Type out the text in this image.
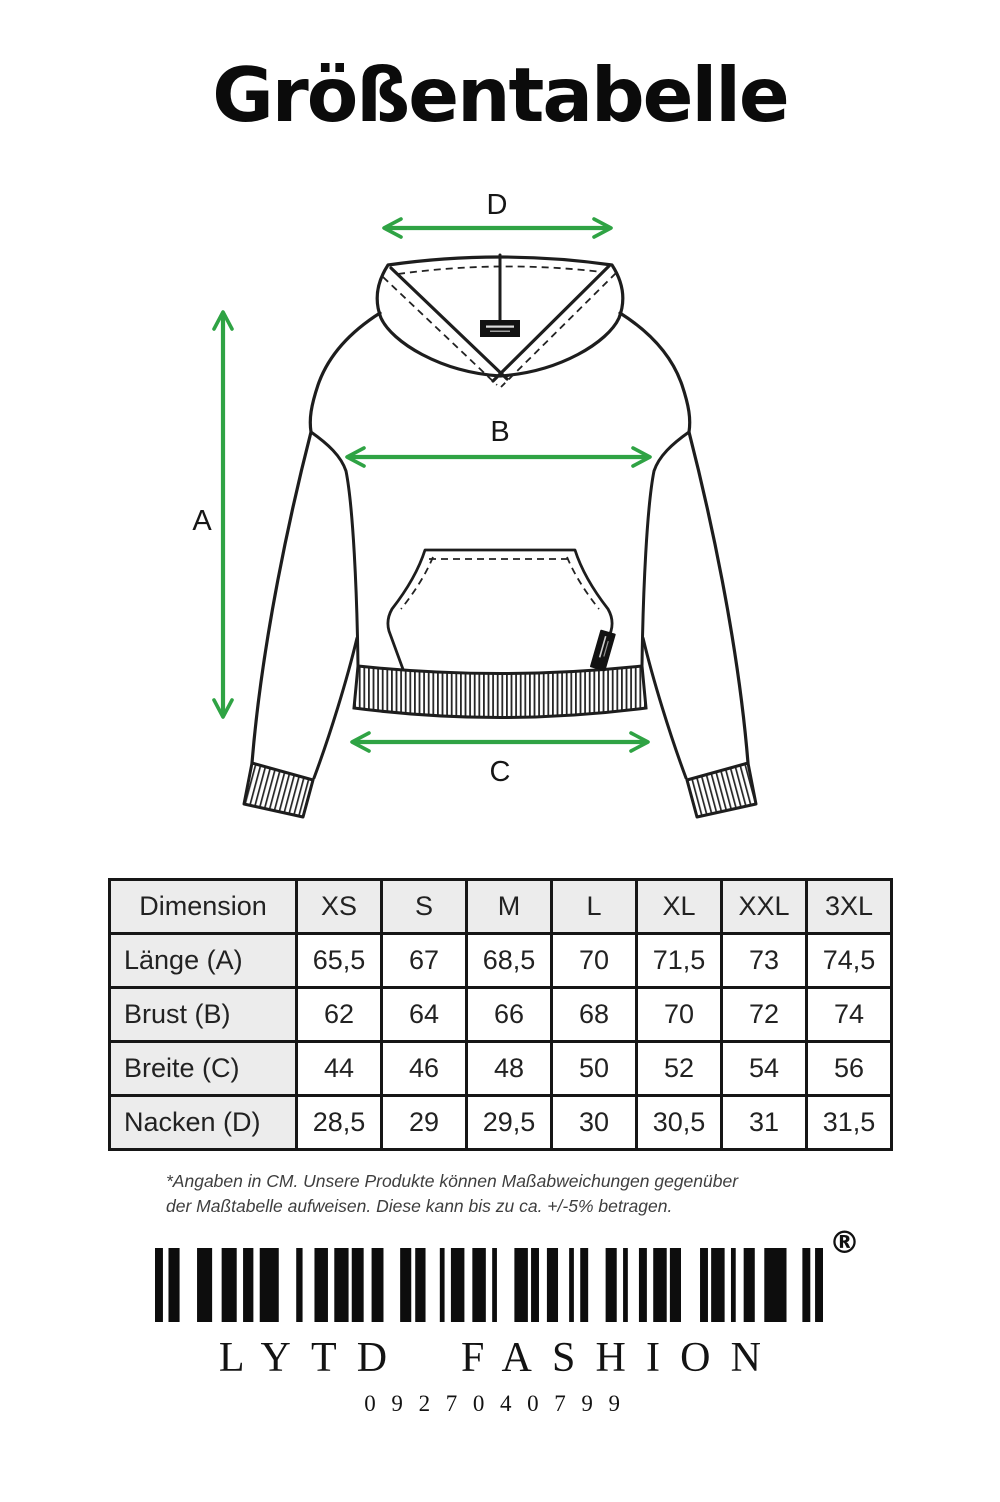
Größentabelle
D
A
B
C
Dimension	XS	S	M	L	XL	XXL	3XL
Länge (A)	65,5	67	68,5	70	71,5	73	74,5
Brust (B)	62	64	66	68	70	72	74
Breite (C)	44	46	48	50	52	54	56
Nacken (D)	28,5	29	29,5	30	30,5	31	31,5
*Angaben in CM. Unsere Produkte können Maßabweichungen gegenüber
der Maßtabelle aufweisen. Diese kann bis zu ca. +/-5% betragen.
®
LYTD FASHION
0927040799
